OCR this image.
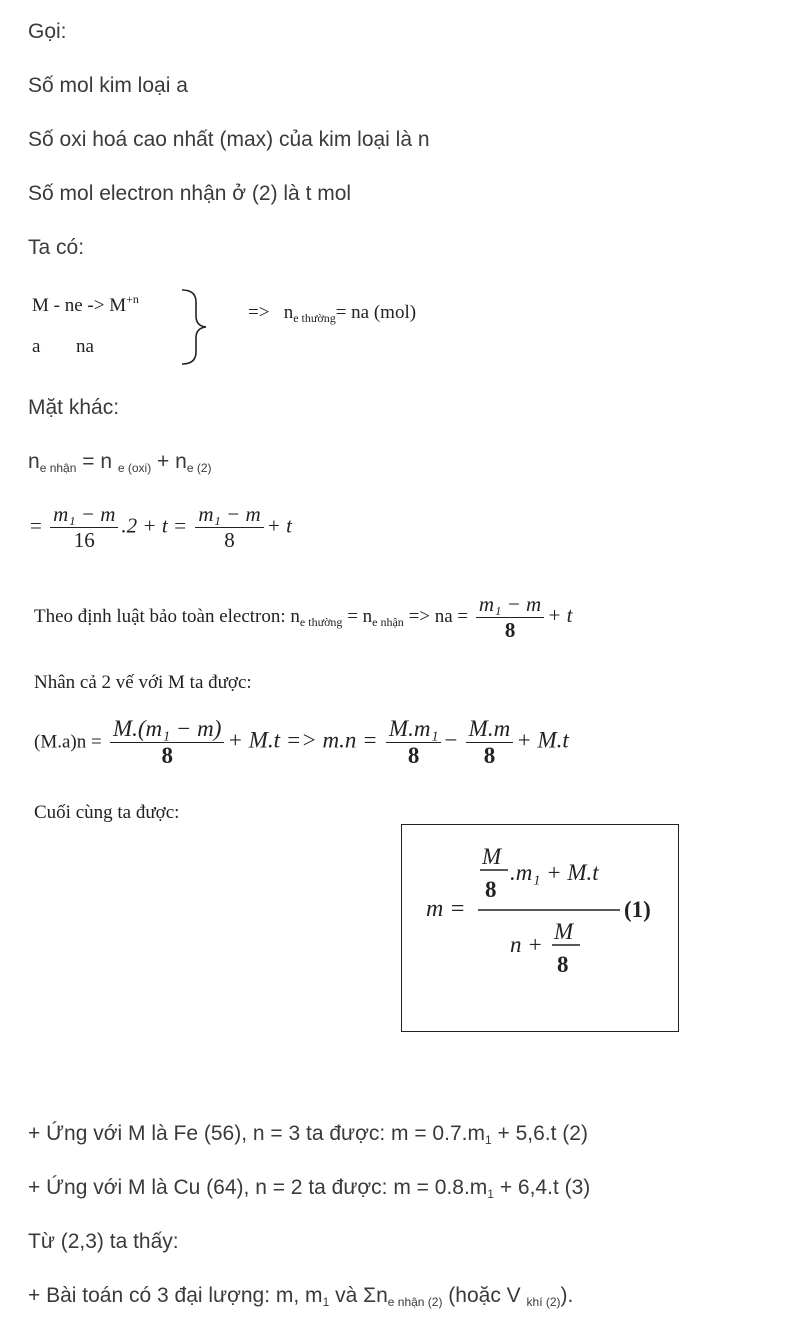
Gọi:
Số mol kim loại a
Số oxi hoá cao nhất (max) của kim loại là n
Số mol electron nhận ở (2) là t mol
Ta có:
M - ne -> $M^{+n}$
a na
=> $n_{e thường}=$ na (mol)
Mặt khác:
$n_{e nhận} = n$ $_{e (oxi)} + n_{e (2)}$
= $\frac{\text{m₁ − m}}{16} .2 + t = \frac{\text{m₁ − m}}{8} + t$
Theo định luật bảo toàn electron: $n_{e thường} = n_{e nhận}$ => na = $\frac{\text{m₁ − m}}{8} + t$
Nhân cả 2 vế với M ta được:
$(M.a)n = \frac{\text{M.(m₁ − m)}}{8} + M.t => m.n = \frac{\text{M.m₁}}{8} - \frac{M.m}{8} + M.t$
Cuối cùng ta được:
m =
M
8
.m₁ + M.t
(1)
n +
M
8
+ Ứng với M là Fe (56), n = 3 ta được: $m = 0.7.m_1 + 5,6.t$ (2)
+ Ứng với M là Cu (64), n = 2 ta được: $m = 0.8.m_1 + 6,4.t$ (3)
Từ (2,3) ta thấy:
+ Bài toán có 3 đại lượng: m, $m_1$ và $\Sigma n_{e nhận (2)}$ (hoặc V $_{khí (2)}$).
